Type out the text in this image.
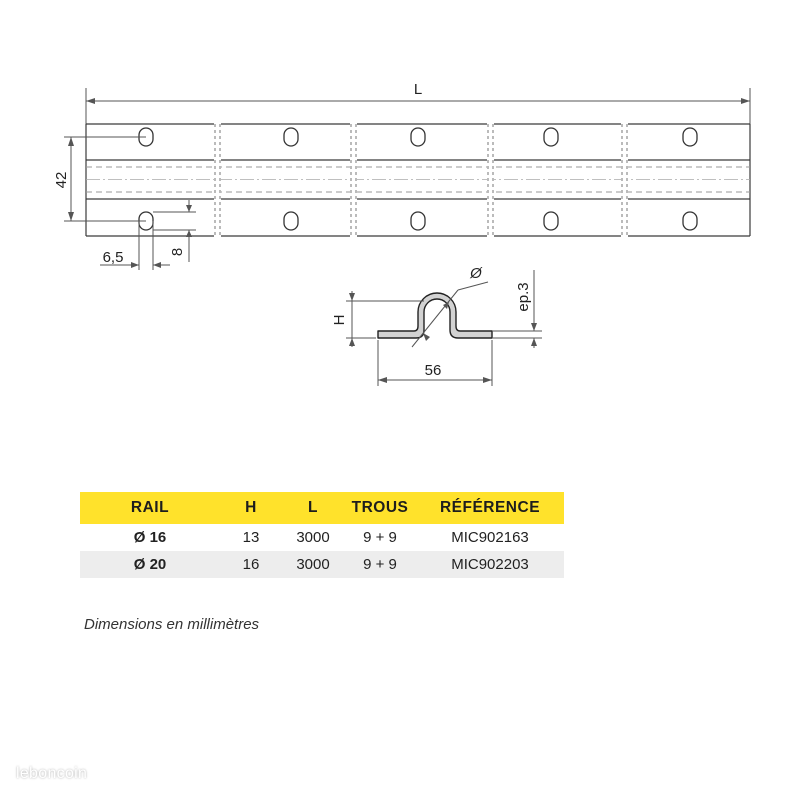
L
42
6,5	8
H
56
ep.3
Ø
RAIL	H	L	TROUS	RÉFÉRENCE
Ø 16	13	3000	9 + 9	MIC902163
Ø 20	16	3000	9 + 9	MIC902203
Dimensions en millimètres
leboncoin
